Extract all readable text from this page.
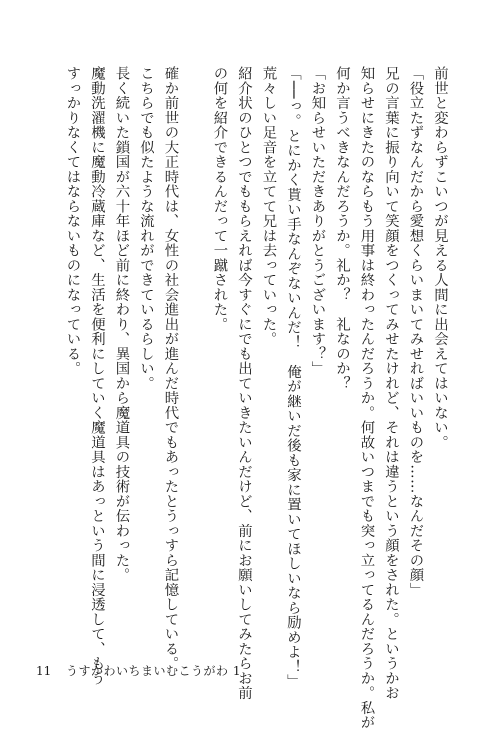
前世と変わらずこいつが見える人間に出会えてはいない。
「役立たずなんだから愛想くらいまいてみせればいいものを……なんだその顔」
兄の言葉に振り向いて笑顔をつくってみせたけれど、それは違うという顔をされた。というかお
知らせにきたのならもう用事は終わったんだろうか。何故いつまでも突っ立ってるんだろうか。私が
何か言うべきなんだろうか。礼か？　礼なのか？
「お知らせいただきありがとうございます？」
「──っ。とにかく貰い手なんぞないんだ！　俺が継いだ後も家に置いてほしいなら励めよ！」
荒々しい足音を立てて兄は去っていった。
紹介状のひとつでももらえれば今すぐにでも出ていきたいんだけど、前にお願いしてみたらお前
の何を紹介できるんだって一蹴された。
確か前世の大正時代は、女性の社会進出が進んだ時代でもあったとうっすら記憶している。
こちらでも似たような流れができているらしい。
長く続いた鎖国が六十年ほど前に終わり、異国から魔道具の技術が伝わった。
魔動洗濯機に魔動冷蔵庫など、生活を便利にしていく魔道具はあっという間に浸透して、もう
すっかりなくてはならないものになっている。
11 うすかわいちまいむこうがわ 1
